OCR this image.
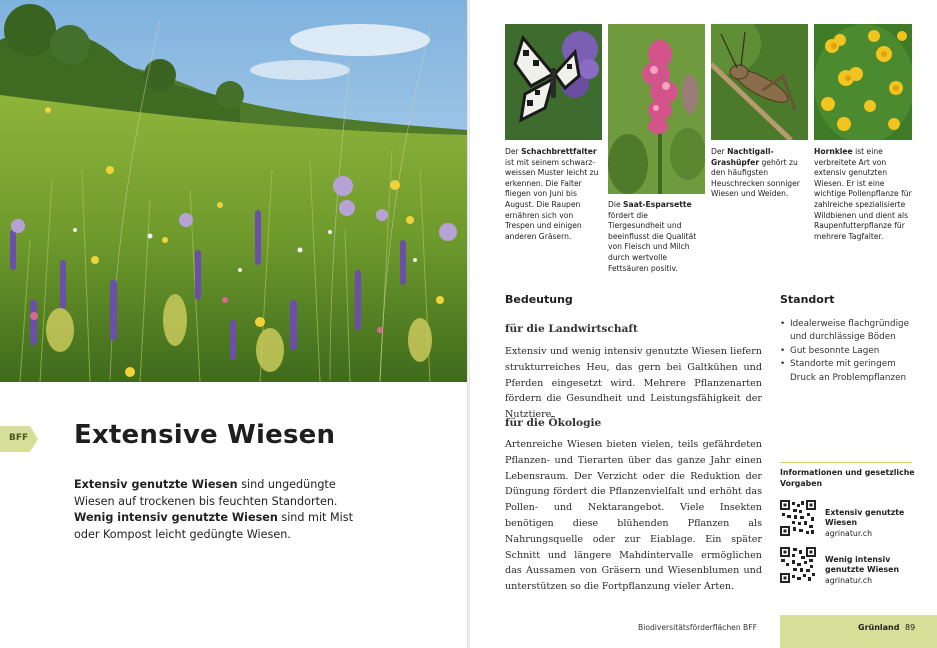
BFF Extensive Wiesen

Extensiv genutzte Wiesen sind ungedüngte Wiesen auf trockenen bis feuchten Standorten.
Wenig intensiv genutzte Wiesen sind mit Mist oder Kompost leicht gedüngte Wiesen.

Der Schachbrettfalter ist mit seinem schwarz-weissen Muster leicht zu erkennen. Die Falter fliegen von Juni bis August. Die Raupen ernähren sich von Trespen und einigen anderen Gräsern.

Die Saat-Esparsette fördert die Tiergesundheit und beeinflusst die Qualität von Fleisch und Milch durch wertvolle Fettsäuren positiv.

Der Nachtigall-Grashüpfer gehört zu den häufigsten Heuschrecken sonniger Wiesen und Weiden.

Hornklee ist eine verbreitete Art von extensiv genutzten Wiesen. Er ist eine wichtige Pollenpflanze für zahlreiche spezialisierte Wildbienen und dient als Raupenfutterpflanze für mehrere Tagfalter.

Bedeutung
für die Landwirtschaft

Extensiv und wenig intensiv genutzte Wiesen liefern strukturreiches Heu, das gern bei Galtkühen und Pferden eingesetzt wird. Mehrere Pflanzenarten fördern die Gesundheit und Leistungsfähigkeit der Nutztiere.

für die Ökologie

Artenreiche Wiesen bieten vielen, teils gefährdeten Pflanzen- und Tierarten über das ganze Jahr einen Lebensraum. Der Verzicht oder die Reduktion der Düngung fördert die Pflanzenvielfalt und erhöht das Pollen- und Nektarangebot. Viele Insekten benötigen diese blühenden Pflanzen als Nahrungsquelle oder zur Eiablage. Ein später Schnitt und längere Mahdintervalle ermöglichen das Aussamen von Gräsern und Wiesenblumen und unterstützen so die Fortpflanzung vieler Arten.

Standort
• Idealerweise flachgründige und durchlässige Böden
• Gut besonnte Lagen
• Standorte mit geringem Druck an Problempflanzen

Informationen und gesetzliche Vorgaben

Extensiv genutzte Wiesen
agrinatur.ch
Wenig intensiv genutzte Wiesen
agrinatur.ch
Biodiversitätsförderflächen BFF	Grünland 89
